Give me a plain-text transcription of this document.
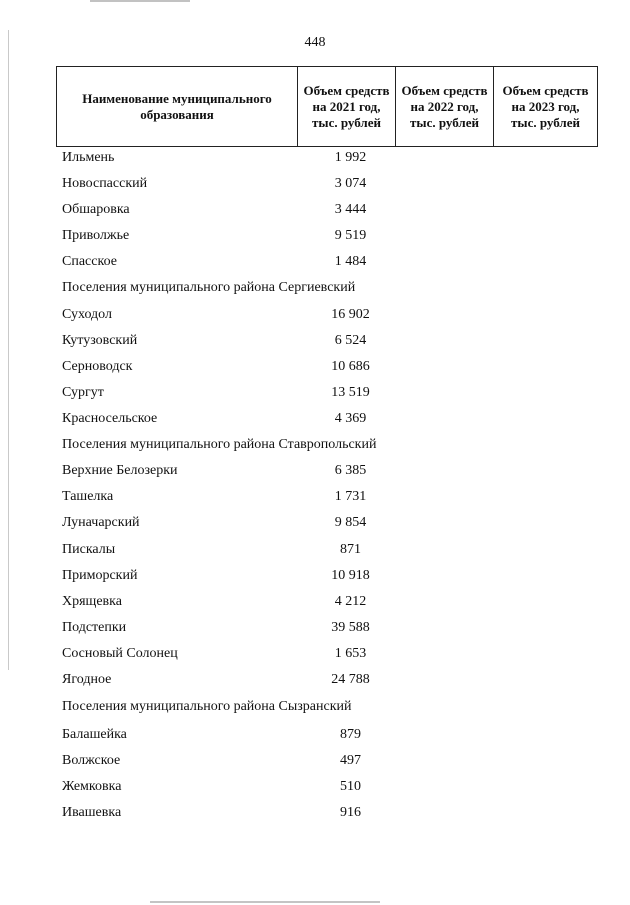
448
Наименование муниципального образования	Объем средств на 2021 год, тыс. рублей	Объем средств на 2022 год, тыс. рублей	Объем средств на 2023 год, тыс. рублей
Ильмень	1 992
Новоспасский	3 074
Обшаровка	3 444
Приволжье	9 519
Спасское	1 484
Поселения муниципального района Сергиевский
Суходол	16 902
Кутузовский	6 524
Серноводск	10 686
Сургут	13 519
Красносельское	4 369
Поселения муниципального района Ставропольский
Верхние Белозерки	6 385
Ташелка	1 731
Луначарский	9 854
Пискалы	871
Приморский	10 918
Хрящевка	4 212
Подстепки	39 588
Сосновый Солонец	1 653
Ягодное	24 788
Поселения муниципального района Сызранский
Балашейка	879
Волжское	497
Жемковка	510
Ивашевка	916
